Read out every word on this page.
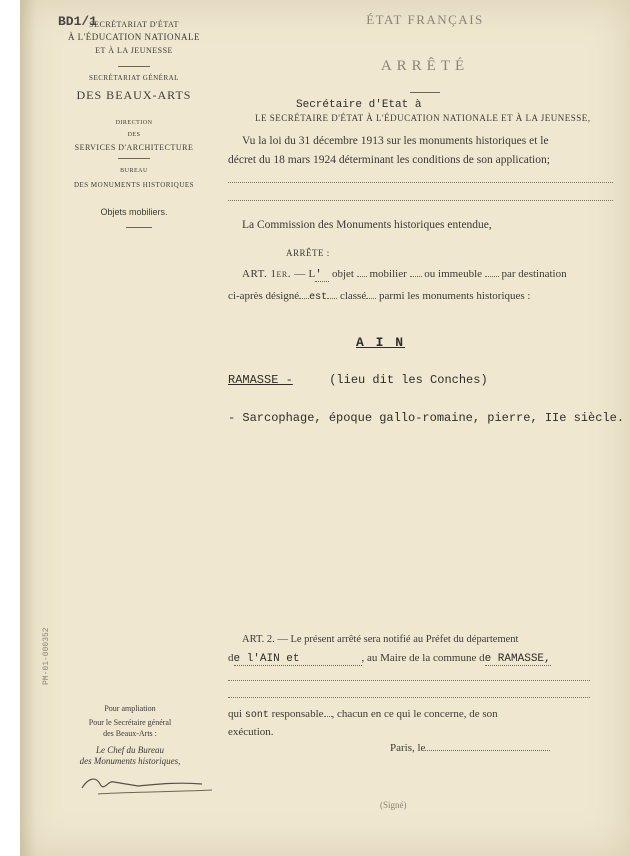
BD1/1
SECRÉTARIAT D'ÉTAT
À L'ÉDUCATION NATIONALE
ET À LA JEUNESSE
SECRÉTARIAT GÉNÉRAL
DES BEAUX-ARTS
DIRECTION
DES
SERVICES D'ARCHITECTURE
BUREAU
DES MONUMENTS HISTORIQUES
Objets mobiliers.
PM-01-000352
ÉTAT FRANÇAIS
ARRÊTÉ
Secrétaire d'Etat à
LE SECRÉTAIRE D'ÉTAT À L'ÉDUCATION NATIONALE ET À LA JEUNESSE,
Vu la loi du 31 décembre 1913 sur les monuments historiques et le
décret du 18 mars 1924 déterminant les conditions de son application;
La Commission des Monuments historiques entendue,
ARRÊTE :
ART. 1er. — L' objet mobilier ou immeuble par destination
ci-après désigné est classé parmi les monuments historiques :
A I N
RAMASSE -	(lieu dit les Conches)
- Sarcophage, époque gallo-romaine, pierre, IIe siècle.
ART. 2. — Le présent arrêté sera notifié au Préfet du département
de l'AIN et	, au Maire de la commune de RAMASSE,
qui sont responsable , chacun en ce qui le concerne, de son
exécution.
Paris, le
Pour ampliation
Pour le Secrétaire général
des Beaux-Arts :
Le Chef du Bureau
des Monuments historiques,
(Signé)
